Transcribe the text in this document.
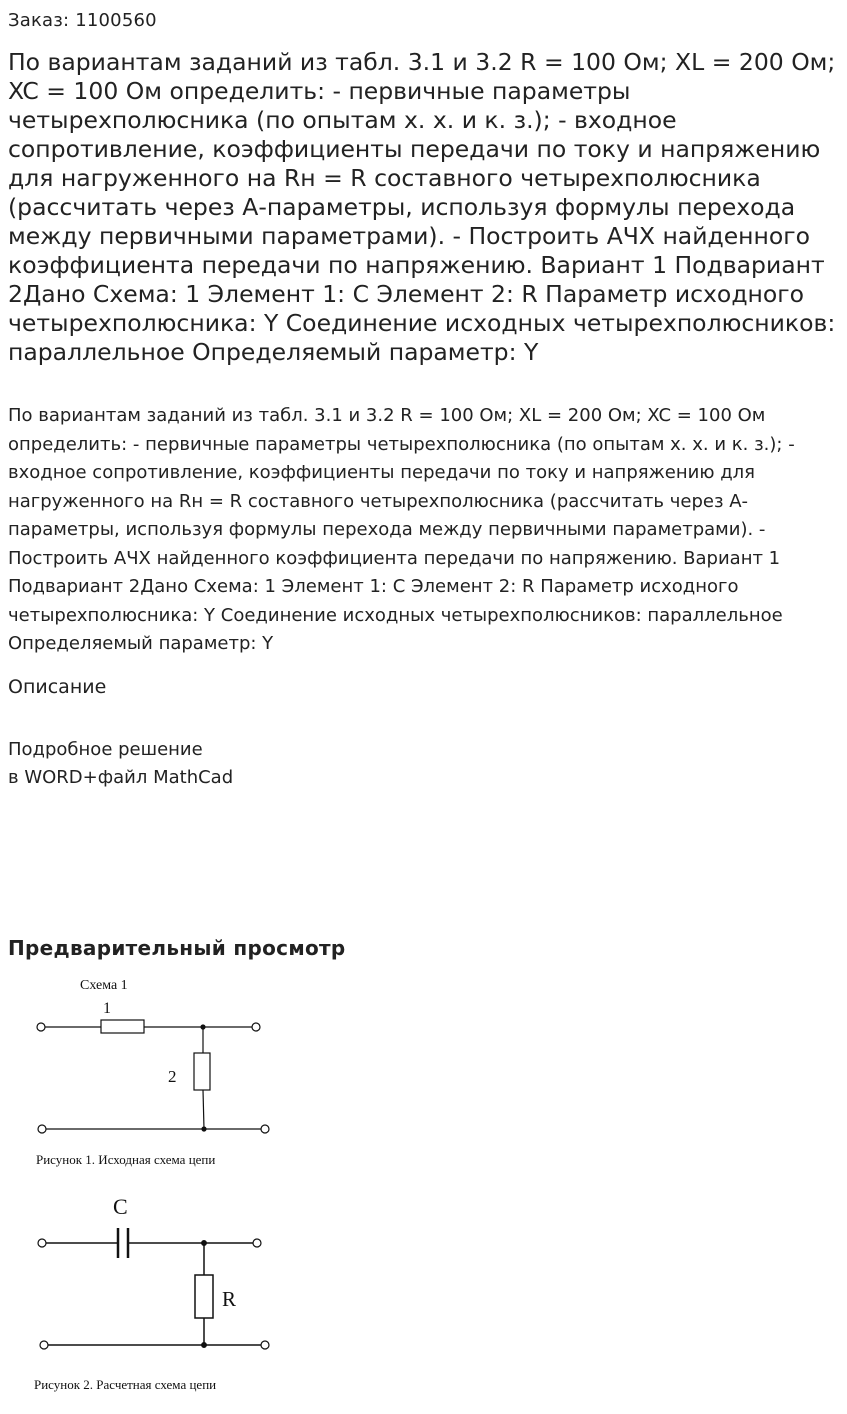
Заказ: 1100560

По вариантам заданий из табл. 3.1 и 3.2 R = 100 Ом; XL = 200 Ом; XC = 100 Ом определить: - первичные параметры четырехполюсника (по опытам х. х. и к. з.); - входное сопротивление, коэффициенты передачи по току и напряжению для нагруженного на Rн = R составного четырехполюсника (рассчитать через А-параметры, используя формулы перехода между первичными параметрами). - Построить АЧХ найденного коэффициента передачи по напряжению. Вариант 1 Подвариант 2Дано Схема: 1 Элемент 1: C Элемент 2: R Параметр исходного четырехполюсника: Y Соединение исходных четырехполюсников: параллельное Определяемый параметр: Y

По вариантам заданий из табл. 3.1 и 3.2 R = 100 Ом; XL = 200 Ом; XC = 100 Ом определить: - первичные параметры четырехполюсника (по опытам х. х. и к. з.); - входное сопротивление, коэффициенты передачи по току и напряжению для нагруженного на Rн = R составного четырехполюсника (рассчитать через А-параметры, используя формулы перехода между первичными параметрами). - Построить АЧХ найденного коэффициента передачи по напряжению. Вариант 1 Подвариант 2Дано Схема: 1 Элемент 1: C Элемент 2: R Параметр исходного четырехполюсника: Y Соединение исходных четырехполюсников: параллельное Определяемый параметр: Y

Описание
Подробное решение
в WORD+файл MathCad
Предварительный просмотр
Схема 1
1
2
Рисунок 1. Исходная схема цепи
C
R
Рисунок 2. Расчетная схема цепи
